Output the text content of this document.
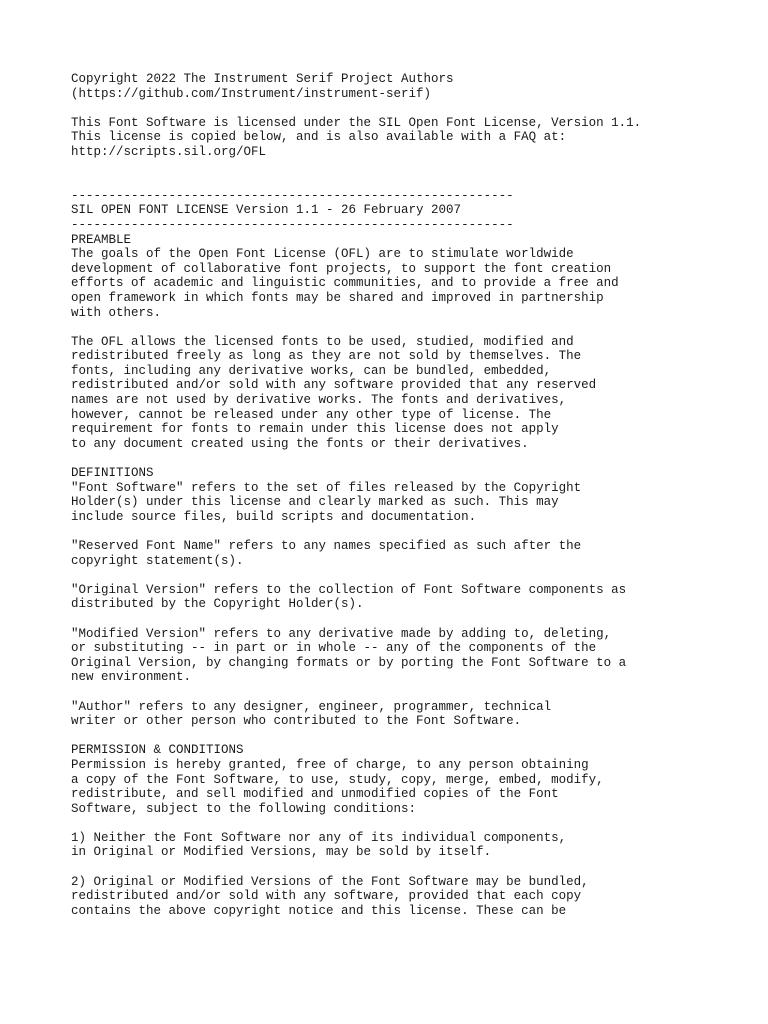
Copyright 2022 The Instrument Serif Project Authors
(https://github.com/Instrument/instrument-serif)
This Font Software is licensed under the SIL Open Font License, Version 1.1.
This license is copied below, and is also available with a FAQ at:
http://scripts.sil.org/OFL
-----------------------------------------------------------
SIL OPEN FONT LICENSE Version 1.1 - 26 February 2007
-----------------------------------------------------------
PREAMBLE
The goals of the Open Font License (OFL) are to stimulate worldwide
development of collaborative font projects, to support the font creation
efforts of academic and linguistic communities, and to provide a free and
open framework in which fonts may be shared and improved in partnership
with others.
The OFL allows the licensed fonts to be used, studied, modified and
redistributed freely as long as they are not sold by themselves. The
fonts, including any derivative works, can be bundled, embedded,
redistributed and/or sold with any software provided that any reserved
names are not used by derivative works. The fonts and derivatives,
however, cannot be released under any other type of license. The
requirement for fonts to remain under this license does not apply
to any document created using the fonts or their derivatives.
DEFINITIONS
"Font Software" refers to the set of files released by the Copyright
Holder(s) under this license and clearly marked as such. This may
include source files, build scripts and documentation.
"Reserved Font Name" refers to any names specified as such after the
copyright statement(s).
"Original Version" refers to the collection of Font Software components as
distributed by the Copyright Holder(s).
"Modified Version" refers to any derivative made by adding to, deleting,
or substituting -- in part or in whole -- any of the components of the
Original Version, by changing formats or by porting the Font Software to a
new environment.
"Author" refers to any designer, engineer, programmer, technical
writer or other person who contributed to the Font Software.
PERMISSION & CONDITIONS
Permission is hereby granted, free of charge, to any person obtaining
a copy of the Font Software, to use, study, copy, merge, embed, modify,
redistribute, and sell modified and unmodified copies of the Font
Software, subject to the following conditions:
1) Neither the Font Software nor any of its individual components,
in Original or Modified Versions, may be sold by itself.
2) Original or Modified Versions of the Font Software may be bundled,
redistributed and/or sold with any software, provided that each copy
contains the above copyright notice and this license. These can be
